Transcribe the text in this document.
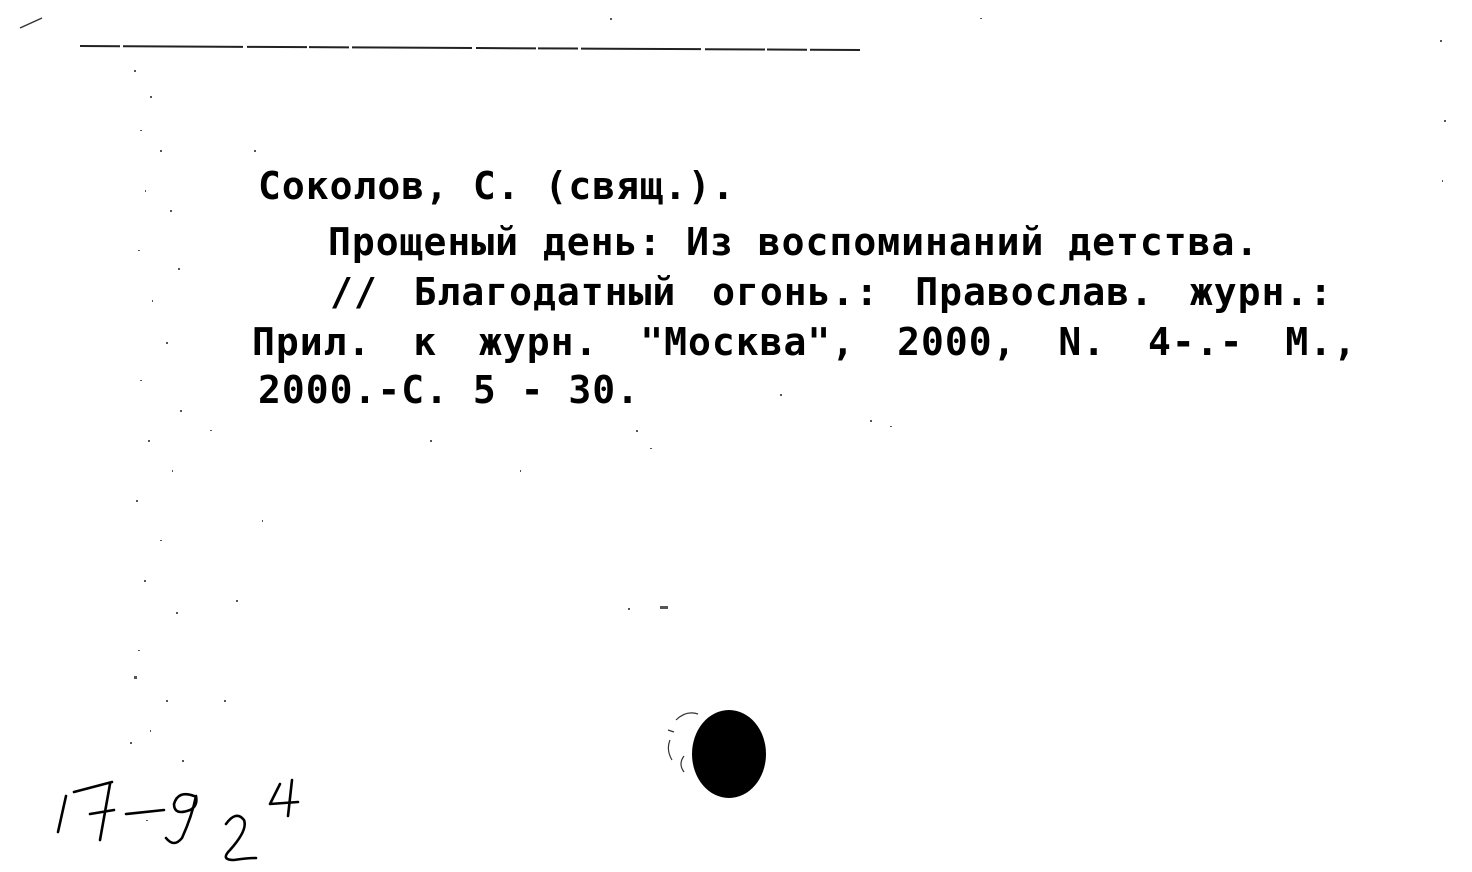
Соколов, С. (свящ.).
Прощеный день: Из воспоминаний детства.
// Благодатный огонь.: Православ. журн.:
Прил. к журн. "Москва", 2000, N. 4-.- М.,
2000.-С. 5 - 30.
